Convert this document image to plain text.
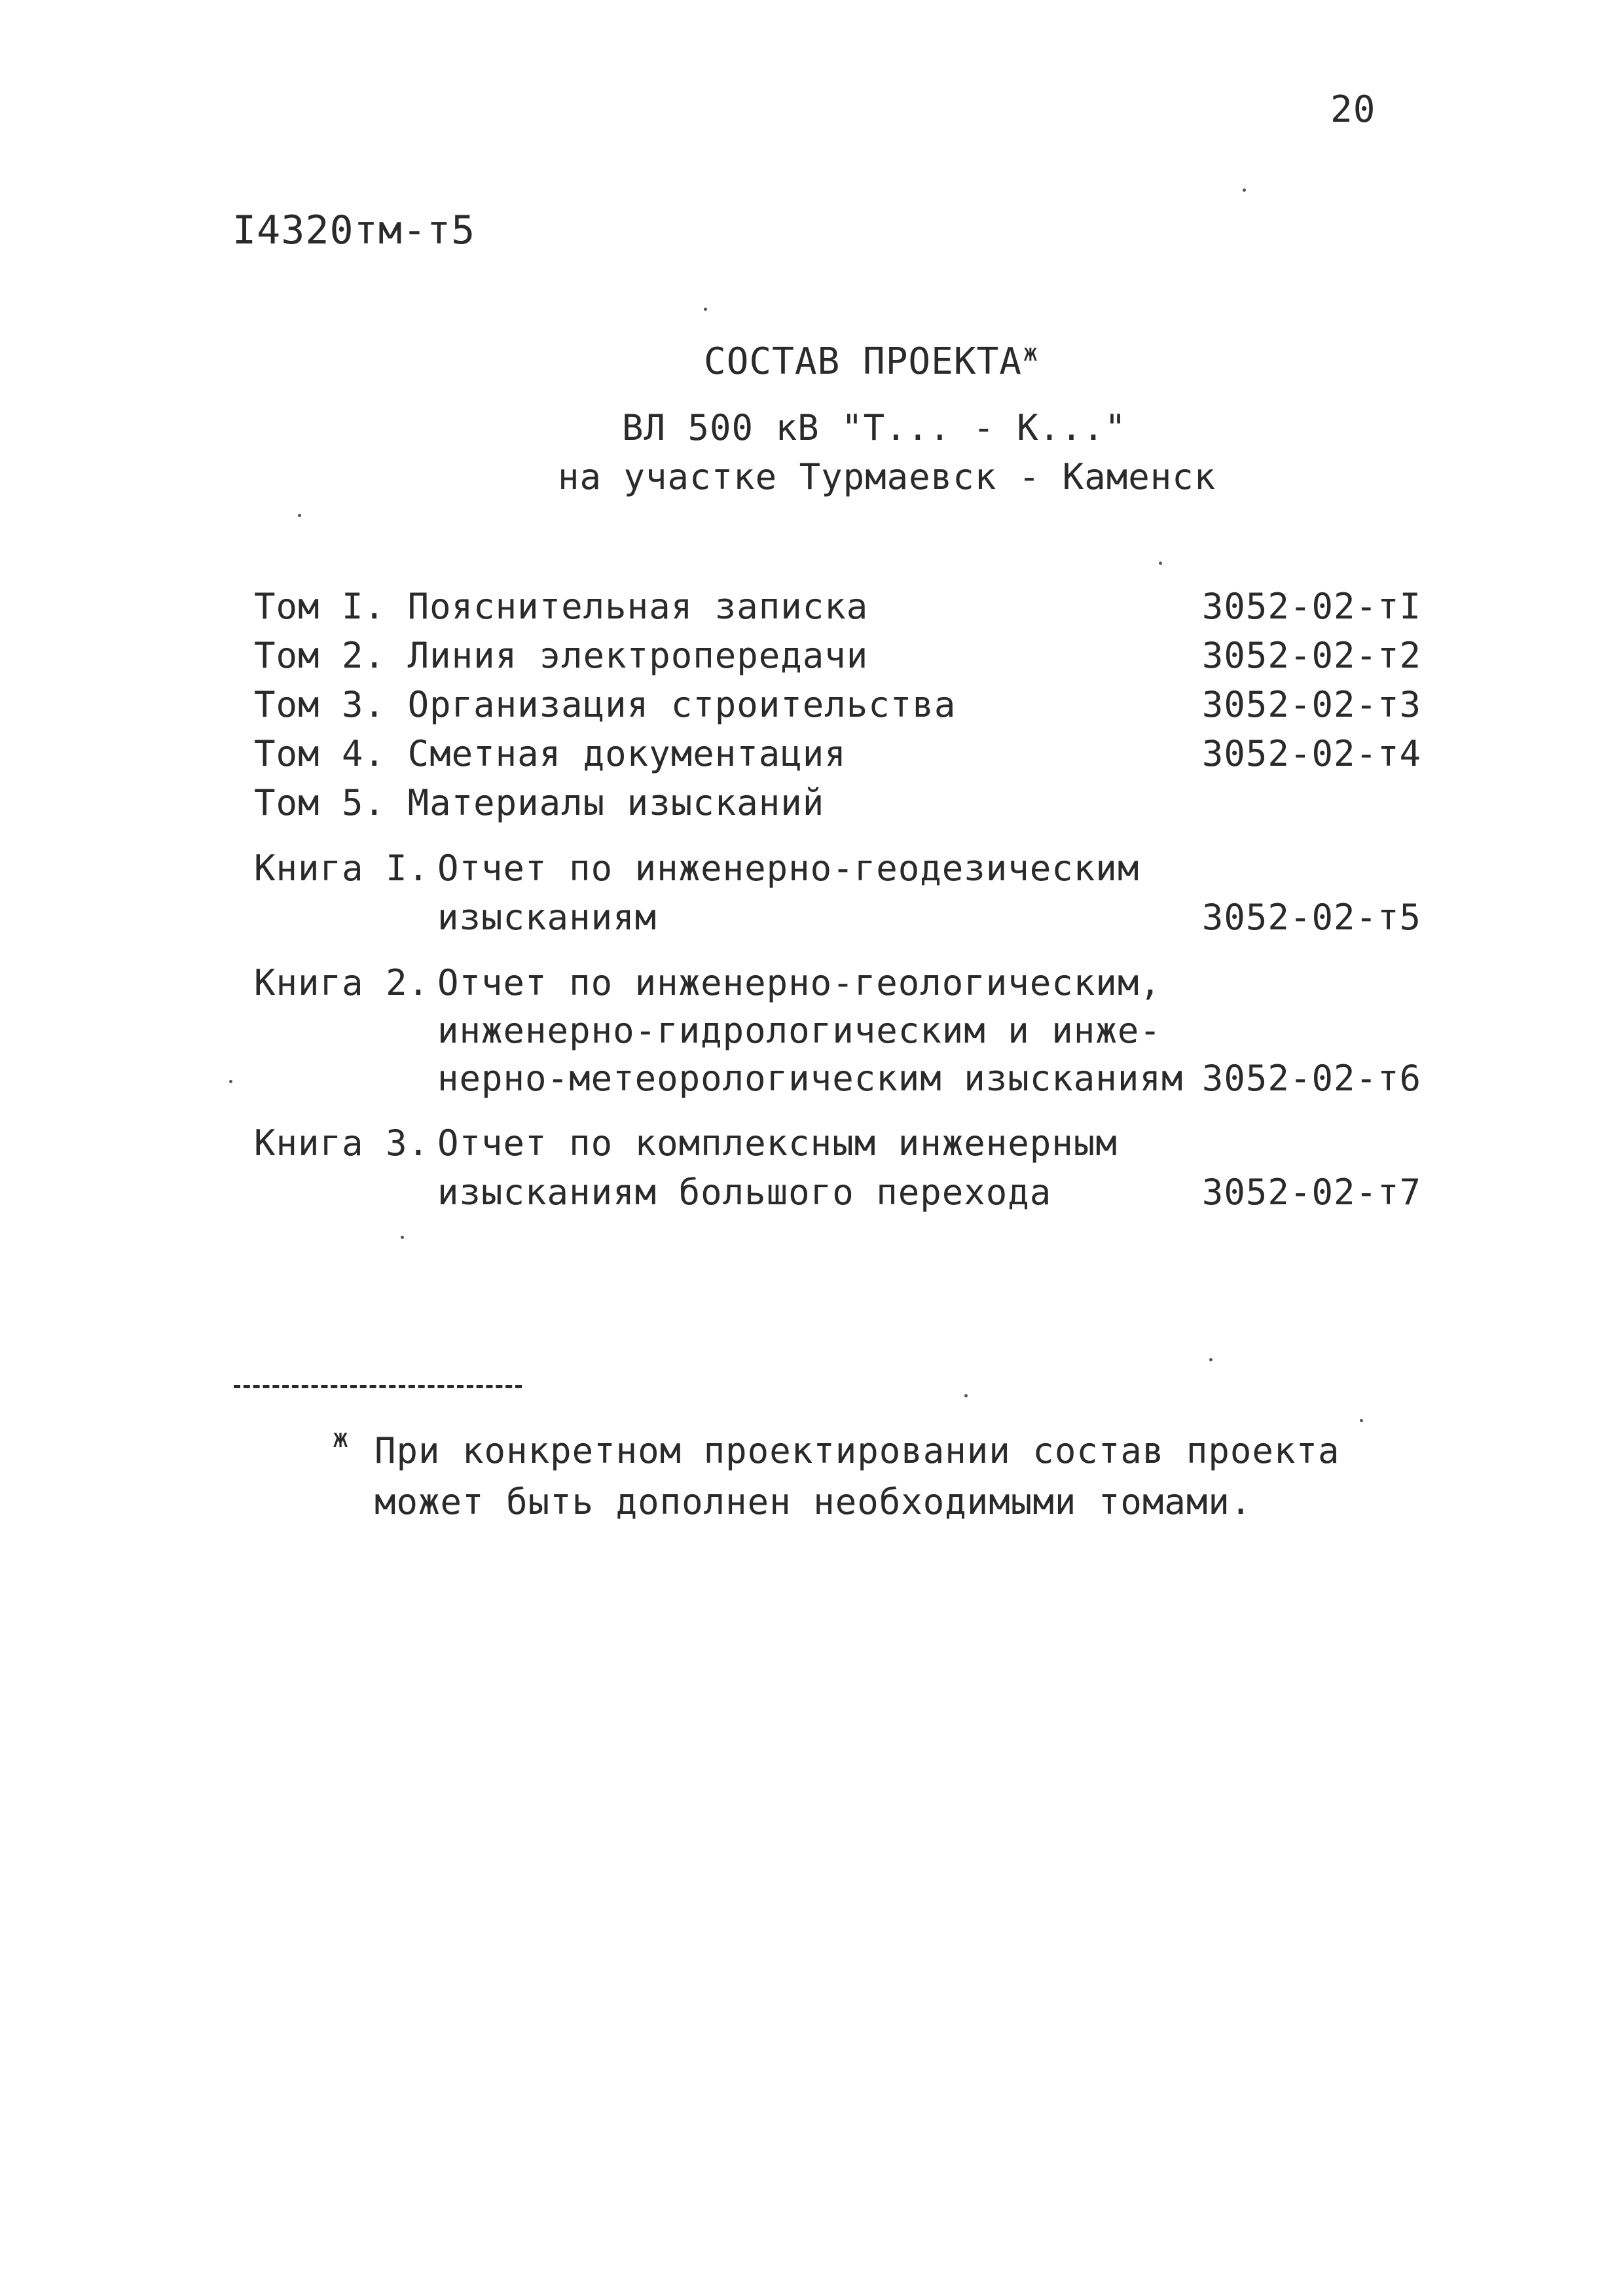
20
I4320тм-т5
СОСТАВ $ПРОЕКТА^ж$
ВЛ 500 кВ "Т... - К..."
на участке Турмаевск - Каменск
Том I. Пояснительная записка	3052-02-тI
Том 2. Линия электропередачи	3052-02-т2
Том 3. Организация строительства	3052-02-т3
Том 4. Сметная документация	3052-02-т4
Том 5. Материалы изысканий
Книга I. Отчет по инженерно-геодезическим
изысканиям	3052-02-т5
Книга 2. Отчет по инженерно-геологическим,
инженерно-гидрологическим и инже-
нерно-метеорологическим изысканиям 3052-02-т6
Книга 3. Отчет по комплексным инженерным
изысканиям большого перехода	3052-02-т7
ж При конкретном проектировании состав проекта
может быть дополнен необходимыми томами.
